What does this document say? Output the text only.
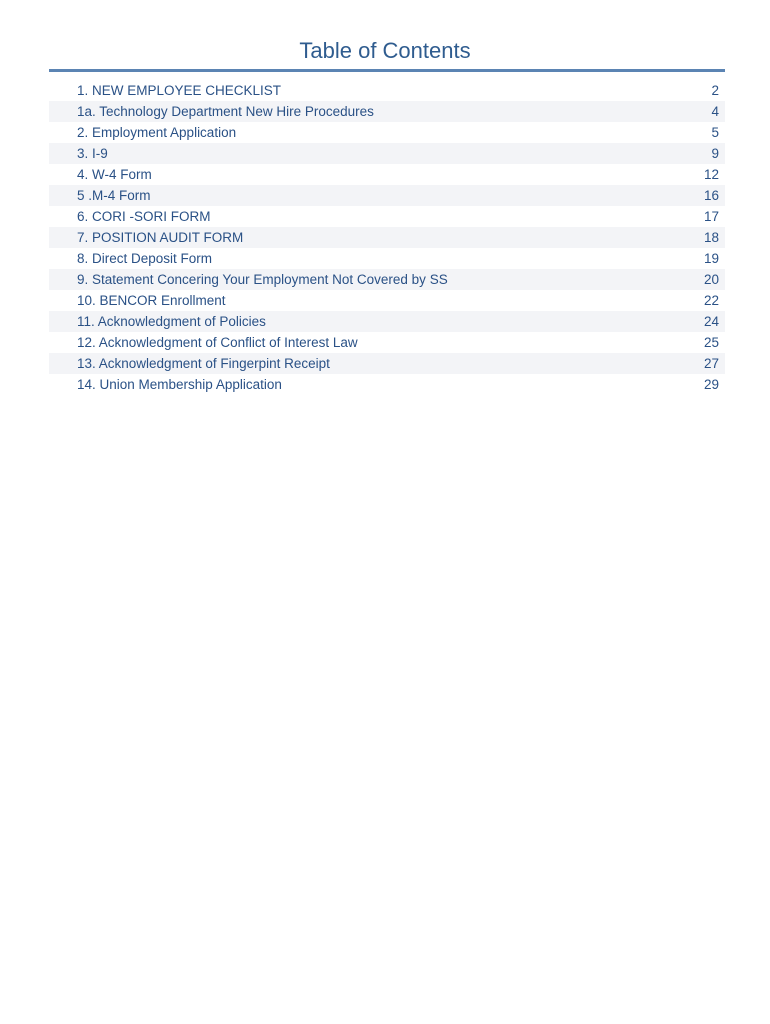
Table of Contents
1. NEW EMPLOYEE CHECKLIST	2
1a. Technology Department New Hire Procedures	4
2. Employment Application	5
3. I-9	9
4. W-4 Form	12
5 .M-4 Form	16
6. CORI -SORI FORM	17
7. POSITION AUDIT FORM	18
8. Direct Deposit Form	19
9. Statement Concering Your Employment Not Covered by SS	20
10. BENCOR Enrollment	22
11. Acknowledgment of Policies	24
12. Acknowledgment of Conflict of Interest Law	25
13. Acknowledgment of Fingerpint Receipt	27
14. Union Membership Application	29
